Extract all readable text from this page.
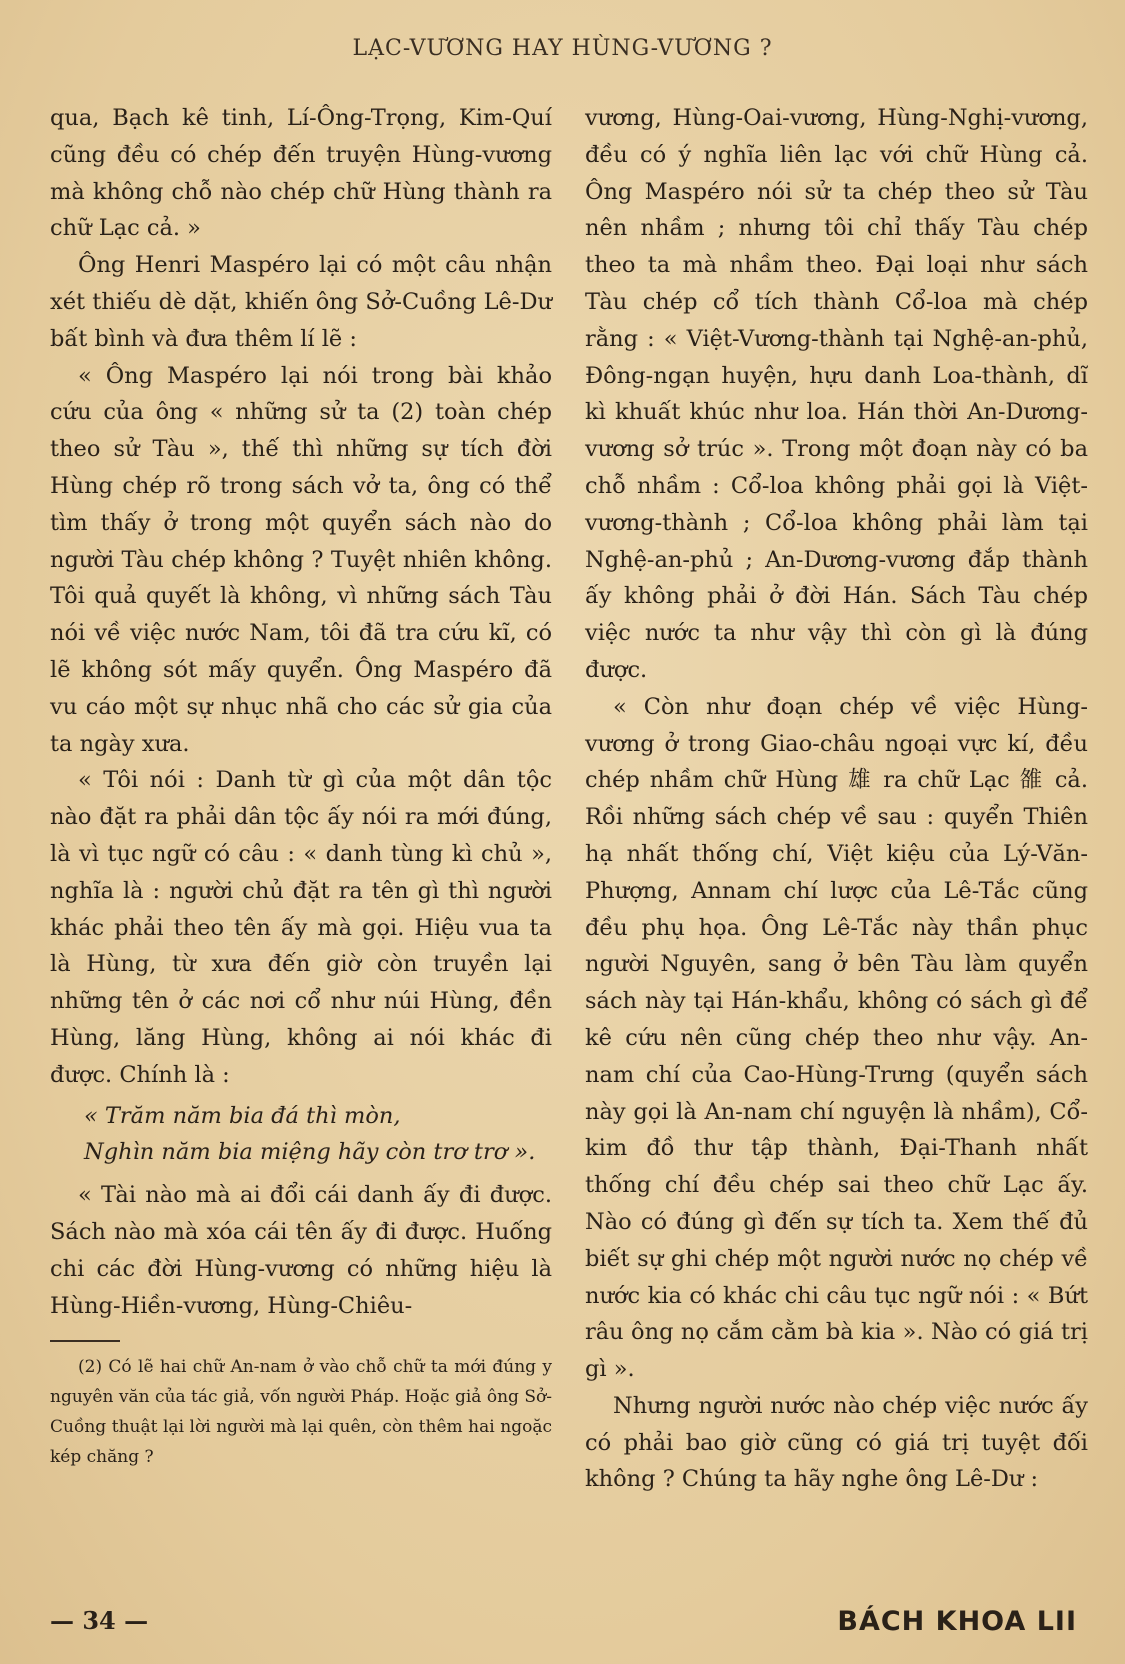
LẠC-VƯƠNG HAY HÙNG-VƯƠNG ?

qua, Bạch kê tinh, Lí-Ông-Trọng, Kim-Quí cũng đều có chép đến truyện Hùng-vương mà không chỗ nào chép chữ Hùng thành ra chữ Lạc cả. »

Ông Henri Maspéro lại có một câu nhận xét thiếu dè dặt, khiến ông Sở-Cuồng Lê-Dư bất bình và đưa thêm lí lẽ :

« Ông Maspéro lại nói trong bài khảo cứu của ông « những sử ta (2) toàn chép theo sử Tàu », thế thì những sự tích đời Hùng chép rõ trong sách vở ta, ông có thể tìm thấy ở trong một quyển sách nào do người Tàu chép không ? Tuyệt nhiên không. Tôi quả quyết là không, vì những sách Tàu nói về việc nước Nam, tôi đã tra cứu kĩ, có lẽ không sót mấy quyển. Ông Maspéro đã vu cáo một sự nhục nhã cho các sử gia của ta ngày xưa.

« Tôi nói : Danh từ gì của một dân tộc nào đặt ra phải dân tộc ấy nói ra mới đúng, là vì tục ngữ có câu : « danh tùng kì chủ », nghĩa là : người chủ đặt ra tên gì thì người khác phải theo tên ấy mà gọi. Hiệu vua ta là Hùng, từ xưa đến giờ còn truyền lại những tên ở các nơi cổ như núi Hùng, đền Hùng, lăng Hùng, không ai nói khác đi được. Chính là :

« Trăm năm bia đá thì mòn,
Nghìn năm bia miệng hãy còn trơ trơ ».

« Tài nào mà ai đổi cái danh ấy đi được. Sách nào mà xóa cái tên ấy đi được. Huống chi các đời Hùng-vương có những hiệu là Hùng-Hiền-vương, Hùng-Chiêu-

(2) Có lẽ hai chữ An-nam ở vào chỗ chữ ta mới đúng y nguyên văn của tác giả, vốn người Pháp. Hoặc giả ông Sở-Cuồng thuật lại lời người mà lại quên, còn thêm hai ngoặc kép chăng ?

vương, Hùng-Oai-vương, Hùng-Nghị-vương, đều có ý nghĩa liên lạc với chữ Hùng cả. Ông Maspéro nói sử ta chép theo sử Tàu nên nhầm ; nhưng tôi chỉ thấy Tàu chép theo ta mà nhầm theo. Đại loại như sách Tàu chép cổ tích thành Cổ-loa mà chép rằng : « Việt-Vương-thành tại Nghệ-an-phủ, Đông-ngạn huyện, hựu danh Loa-thành, dĩ kì khuất khúc như loa. Hán thời An-Dương-vương sở trúc ». Trong một đoạn này có ba chỗ nhầm : Cổ-loa không phải gọi là Việt-vương-thành ; Cổ-loa không phải làm tại Nghệ-an-phủ ; An-Dương-vương đắp thành ấy không phải ở đời Hán. Sách Tàu chép việc nước ta như vậy thì còn gì là đúng được.

« Còn như đoạn chép về việc Hùng-vương ở trong Giao-châu ngoại vực kí, đều chép nhầm chữ Hùng 雄 ra chữ Lạc 雒 cả. Rồi những sách chép về sau : quyển Thiên hạ nhất thống chí, Việt kiệu của Lý-Văn-Phượng, Annam chí lược của Lê-Tắc cũng đều phụ họa. Ông Lê-Tắc này thần phục người Nguyên, sang ở bên Tàu làm quyển sách này tại Hán-khẩu, không có sách gì để kê cứu nên cũng chép theo như vậy. An-nam chí của Cao-Hùng-Trưng (quyển sách này gọi là An-nam chí nguyện là nhầm), Cổ-kim đồ thư tập thành, Đại-Thanh nhất thống chí đều chép sai theo chữ Lạc ấy. Nào có đúng gì đến sự tích ta. Xem thế đủ biết sự ghi chép một người nước nọ chép về nước kia có khác chi câu tục ngữ nói : « Bứt râu ông nọ cắm cằm bà kia ». Nào có giá trị gì ».

Nhưng người nước nào chép việc nước ấy có phải bao giờ cũng có giá trị tuyệt đối không ? Chúng ta hãy nghe ông Lê-Dư :

— 34 —	BÁCH KHOA LII
